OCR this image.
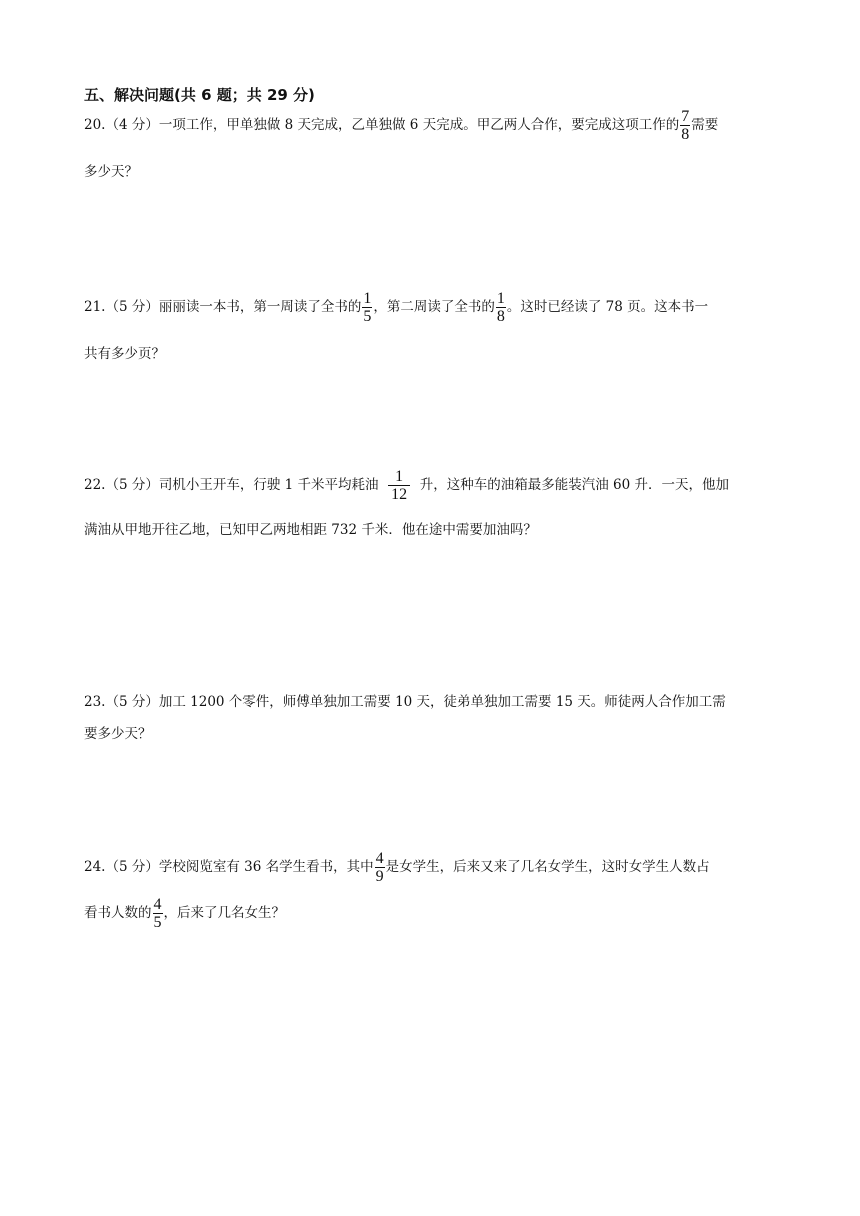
五、解决问题(共 6 题；共 29 分)
20.（4 分）一项工作，甲单独做 8 天完成，乙单独做 6 天完成。甲乙两人合作，要完成这项工作的 $\frac{7}{8}$ 需要
多少天？
21.（5 分）丽丽读一本书，第一周读了全书的 $\frac{1}{5}$ ，第二周读了全书的 $\frac{1}{8}$ 。这时已经读了 78 页。这本书一
共有多少页？
22.（5 分）司机小王开车，行驶 1 千米平均耗油 $\frac{1}{12}$ 升，这种车的油箱最多能装汽油 60 升．一天，他加
满油从甲地开往乙地，已知甲乙两地相距 732 千米．他在途中需要加油吗？
23.（5 分）加工 1200 个零件，师傅单独加工需要 10 天，徒弟单独加工需要 15 天。师徒两人合作加工需
要多少天？
24.（5 分）学校阅览室有 36 名学生看书，其中 $\frac{4}{9}$ 是女学生，后来又来了几名女学生，这时女学生人数占
看书人数的 $\frac{4}{5}$ ，后来了几名女生？
